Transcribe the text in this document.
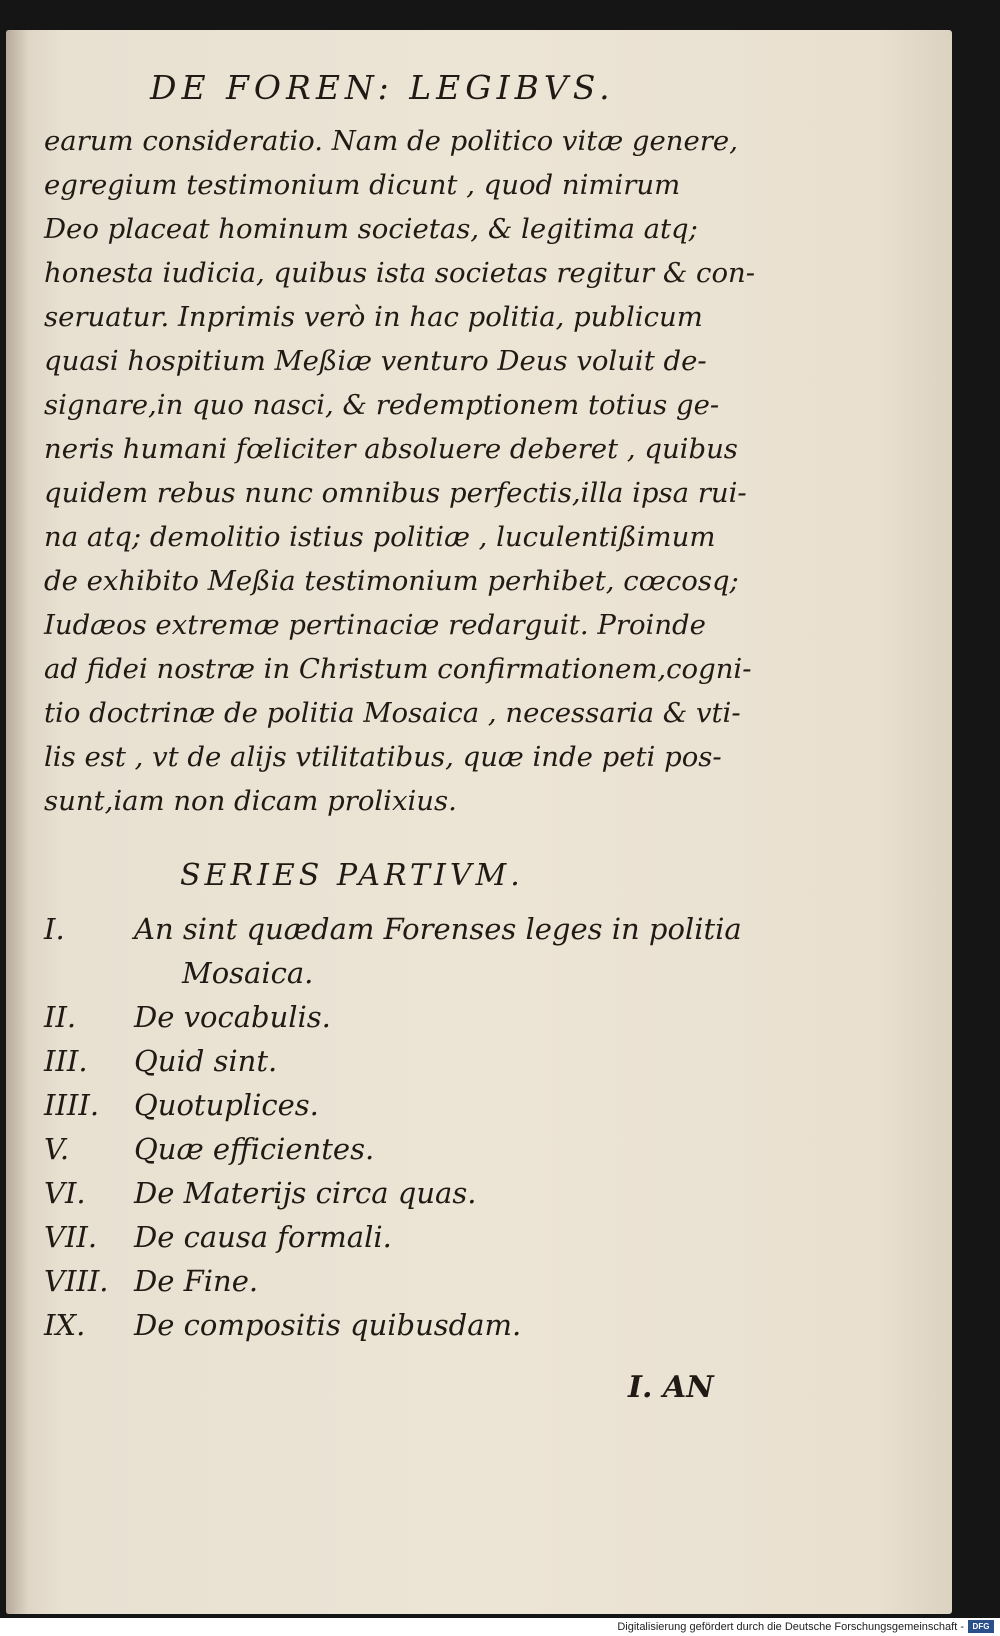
DE FOREN: LEGIBVS.
earum consideratio. Nam de politico vitæ genere,
egregium testimonium dicunt , quod nimirum
Deo placeat hominum societas, & legitima atq;
honesta iudicia, quibus ista societas regitur & con-
seruatur. Inprimis verò in hac politia, publicum
quasi hospitium Meßiæ venturo Deus voluit de-
signare,in quo nasci, & redemptionem totius ge-
neris humani fœliciter absoluere deberet , quibus
quidem rebus nunc omnibus perfectis,illa ipsa rui-
na atq; demolitio istius politiæ , luculentißimum
de exhibito Meßia testimonium perhibet, cœcosq;
Iudæos extremæ pertinaciæ redarguit. Proinde
ad fidei nostræ in Christum confirmationem,cogni-
tio doctrinæ de politia Mosaica , necessaria & vti-
lis est , vt de alijs vtilitatibus, quæ inde peti pos-
sunt,iam non dicam prolixius.
SERIES PARTIVM.
I. An sint quædam Forenses leges in politia
Mosaica.
II. De vocabulis.
III. Quid sint.
IIII. Quotuplices.
V. Quæ efficientes.
VI. De Materijs circa quas.
VII. De causa formali.
VIII. De Fine.
IX. De compositis quibusdam.
I. AN
Digitalisierung gefördert durch die Deutsche Forschungsgemeinschaft -	DFG
